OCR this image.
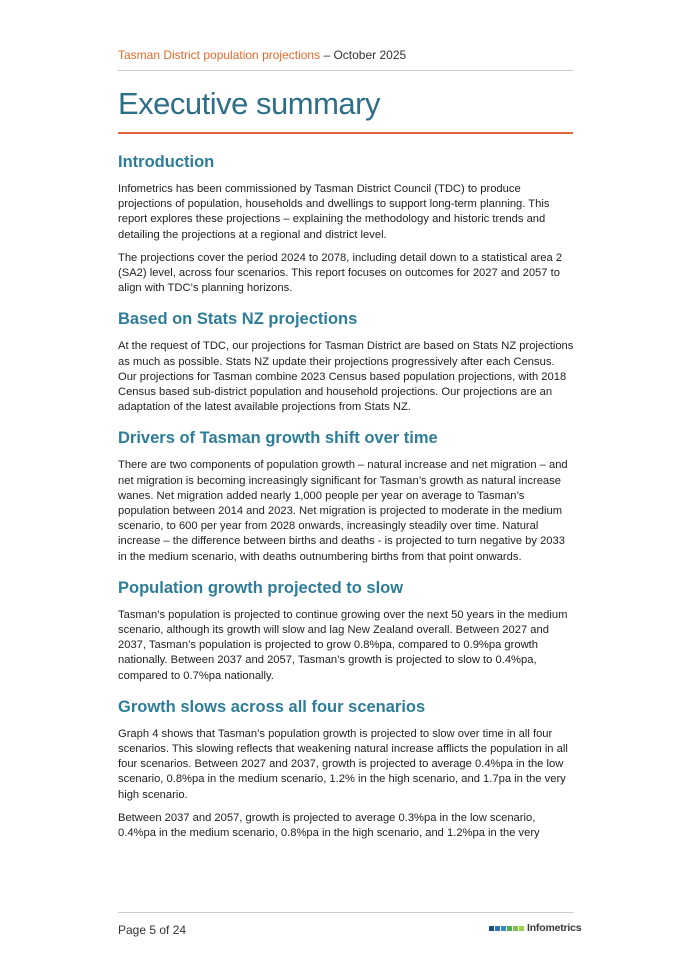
Tasman District population projections – October 2025
Executive summary
Introduction

Infometrics has been commissioned by Tasman District Council (TDC) to produce projections of population, households and dwellings to support long-term planning. This report explores these projections – explaining the methodology and historic trends and detailing the projections at a regional and district level.

The projections cover the period 2024 to 2078, including detail down to a statistical area 2 (SA2) level, across four scenarios. This report focuses on outcomes for 2027 and 2057 to align with TDC’s planning horizons.

Based on Stats NZ projections

At the request of TDC, our projections for Tasman District are based on Stats NZ projections as much as possible. Stats NZ update their projections progressively after each Census. Our projections for Tasman combine 2023 Census based population projections, with 2018 Census based sub-district population and household projections. Our projections are an adaptation of the latest available projections from Stats NZ.

Drivers of Tasman growth shift over time

There are two components of population growth – natural increase and net migration – and net migration is becoming increasingly significant for Tasman’s growth as natural increase wanes. Net migration added nearly 1,000 people per year on average to Tasman’s population between 2014 and 2023. Net migration is projected to moderate in the medium scenario, to 600 per year from 2028 onwards, increasingly steadily over time. Natural increase – the difference between births and deaths - is projected to turn negative by 2033 in the medium scenario, with deaths outnumbering births from that point onwards.

Population growth projected to slow

Tasman’s population is projected to continue growing over the next 50 years in the medium scenario, although its growth will slow and lag New Zealand overall. Between 2027 and 2037, Tasman’s population is projected to grow 0.8%pa, compared to 0.9%pa growth nationally. Between 2037 and 2057, Tasman’s growth is projected to slow to 0.4%pa, compared to 0.7%pa nationally.

Growth slows across all four scenarios

Graph 4 shows that Tasman’s population growth is projected to slow over time in all four scenarios. This slowing reflects that weakening natural increase afflicts the population in all four scenarios. Between 2027 and 2037, growth is projected to average 0.4%pa in the low scenario, 0.8%pa in the medium scenario, 1.2% in the high scenario, and 1.7pa in the very high scenario.

Between 2037 and 2057, growth is projected to average 0.3%pa in the low scenario, 0.4%pa in the medium scenario, 0.8%pa in the high scenario, and 1.2%pa in the very

Page 5 of 24	Infometrics
